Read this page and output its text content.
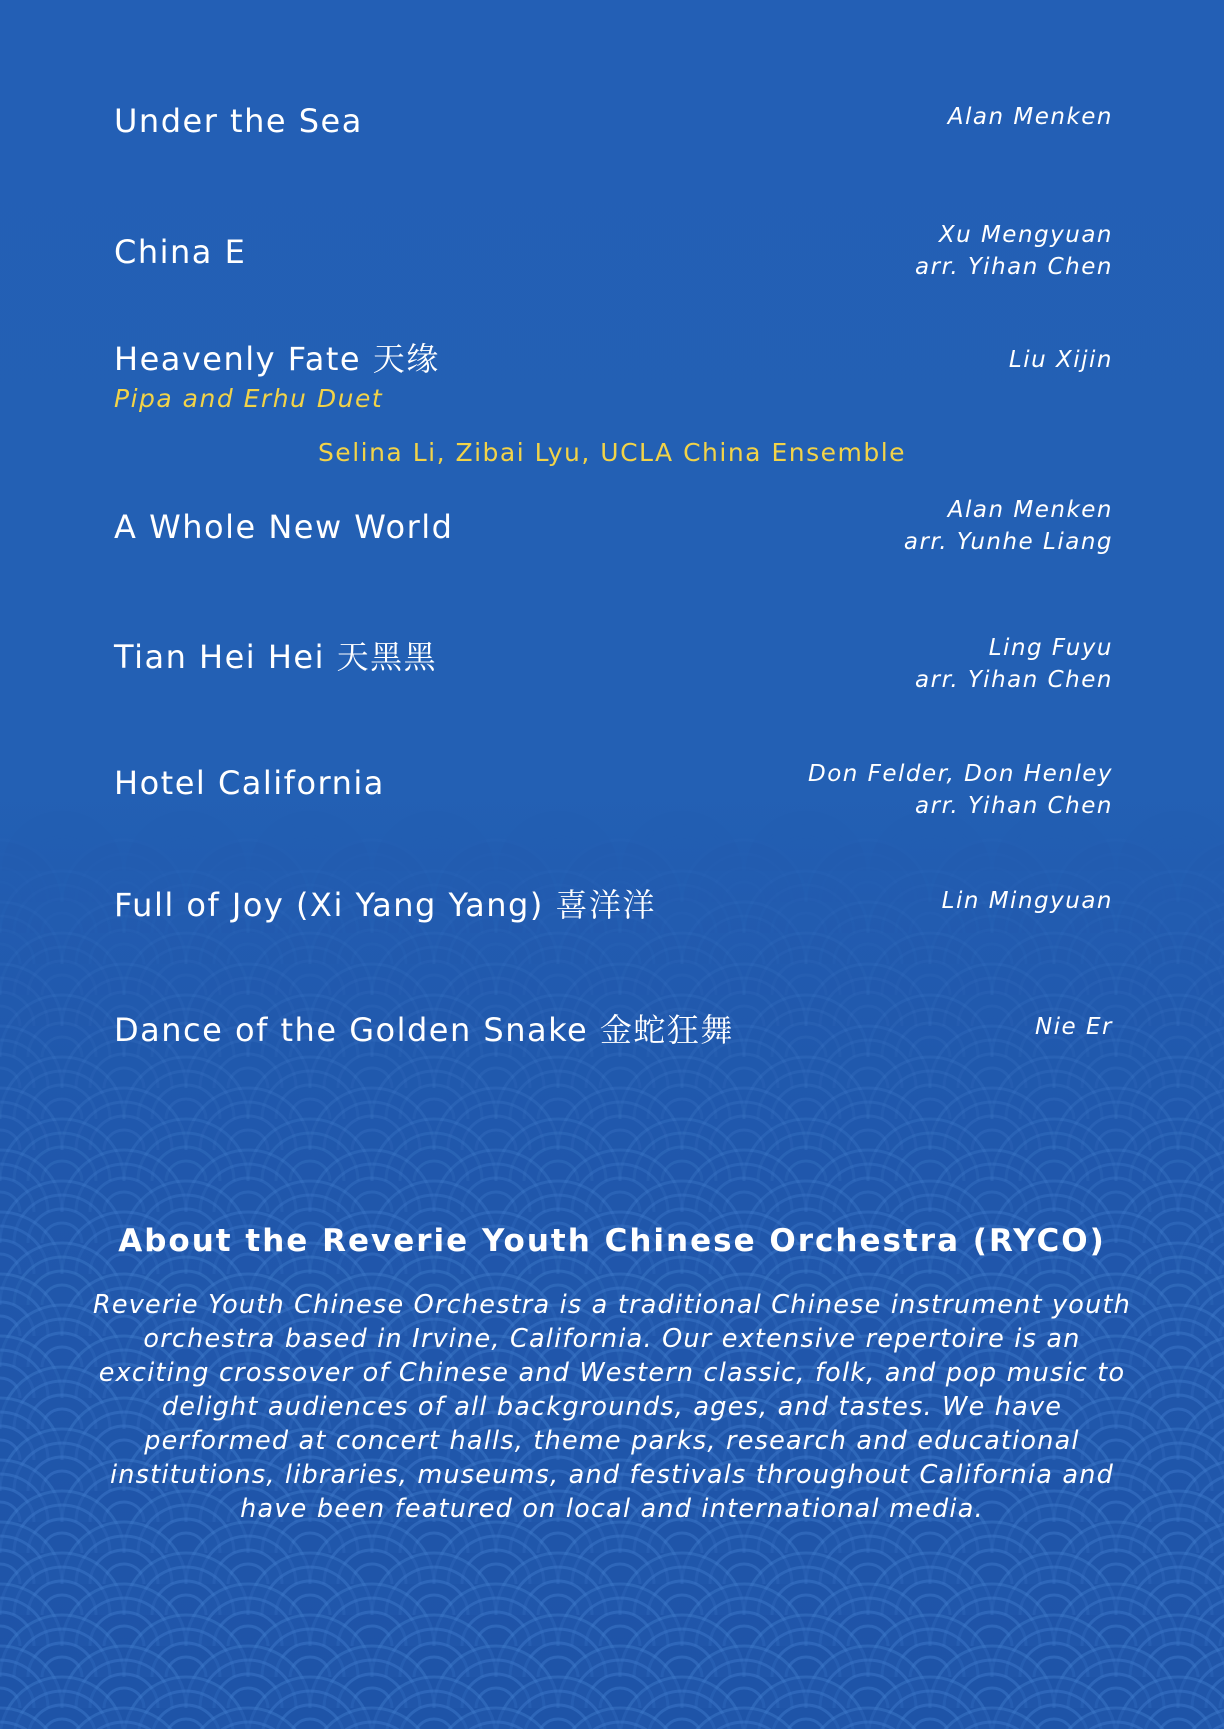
Under the Sea	Alan Menken
China E	Xu Mengyuan
arr. Yihan Chen
Heavenly Fate 天缘	Liu Xijin
Pipa and Erhu Duet
Selina Li, Zibai Lyu, UCLA China Ensemble
A Whole New World	Alan Menken
arr. Yunhe Liang
Tian Hei Hei 天黑黑	Ling Fuyu
arr. Yihan Chen
Hotel California	Don Felder, Don Henley
arr. Yihan Chen
Full of Joy (Xi Yang Yang) 喜洋洋	Lin Mingyuan
Dance of the Golden Snake 金蛇狂舞	Nie Er
About the Reverie Youth Chinese Orchestra (RYCO)

Reverie Youth Chinese Orchestra is a traditional Chinese instrument youth
orchestra based in Irvine, California. Our extensive repertoire is an
exciting crossover of Chinese and Western classic, folk, and pop music to
delight audiences of all backgrounds, ages, and tastes. We have
performed at concert halls, theme parks, research and educational
institutions, libraries, museums, and festivals throughout California and
have been featured on local and international media.
